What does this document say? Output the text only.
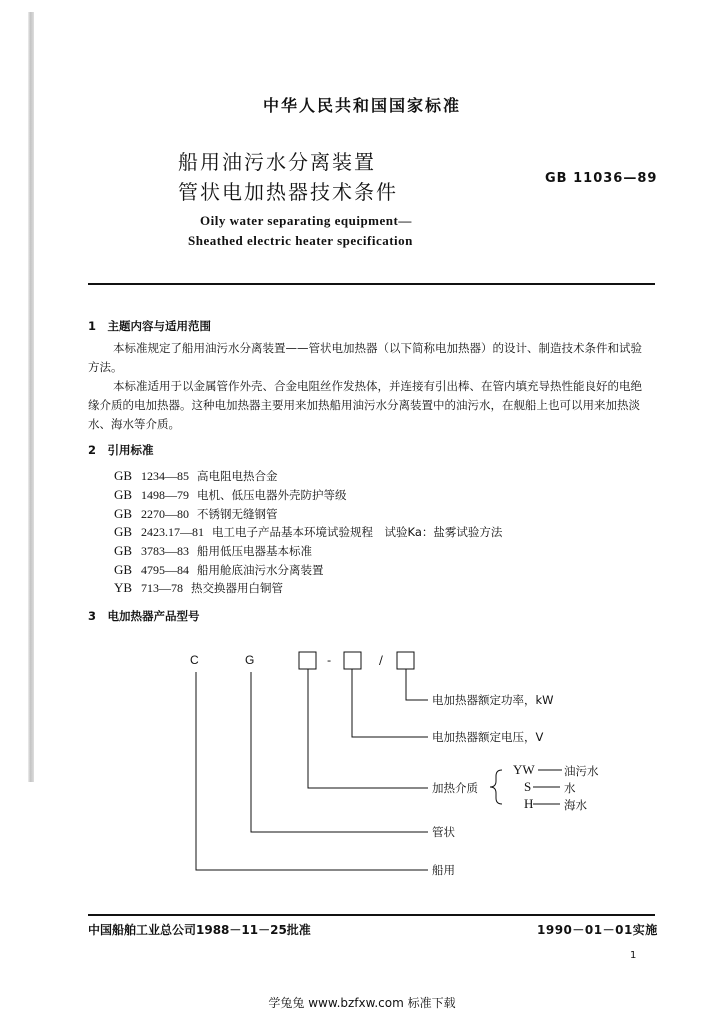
中华人民共和国国家标准
船用油污水分离装置
管状电加热器技术条件
GB 11036—89
Oily water separating equipment—
Sheathed electric heater specification
1　主题内容与适用范围
本标准规定了船用油污水分离装置——管状电加热器（以下简称电加热器）的设计、制造技术条件和试验方法。
本标准适用于以金属管作外壳、合金电阻丝作发热体，并连接有引出棒、在管内填充导热性能良好的电绝缘介质的电加热器。这种电加热器主要用来加热船用油污水分离装置中的油污水，在舰船上也可以用来加热淡水、海水等介质。
2　引用标准
GB 1234—85 高电阻电热合金
GB 1498—79 电机、低压电器外壳防护等级
GB 2270—80 不锈钢无缝钢管
GB 2423.17—81 电工电子产品基本环境试验规程　试验Ka：盐雾试验方法
GB 3783—83 船用低压电器基本标准
GB 4795—84 船用舱底油污水分离装置
YB 713—78 热交换器用白铜管
3　电加热器产品型号
C	G	-	/
电加热器额定功率，kW
电加热器额定电压，V
加热介质
YW	油污水
S	水
H	海水
管状
船用
中国船舶工业总公司1988－11－25批准	1990－01－01实施
1
学兔兔 www.bzfxw.com 标准下载
